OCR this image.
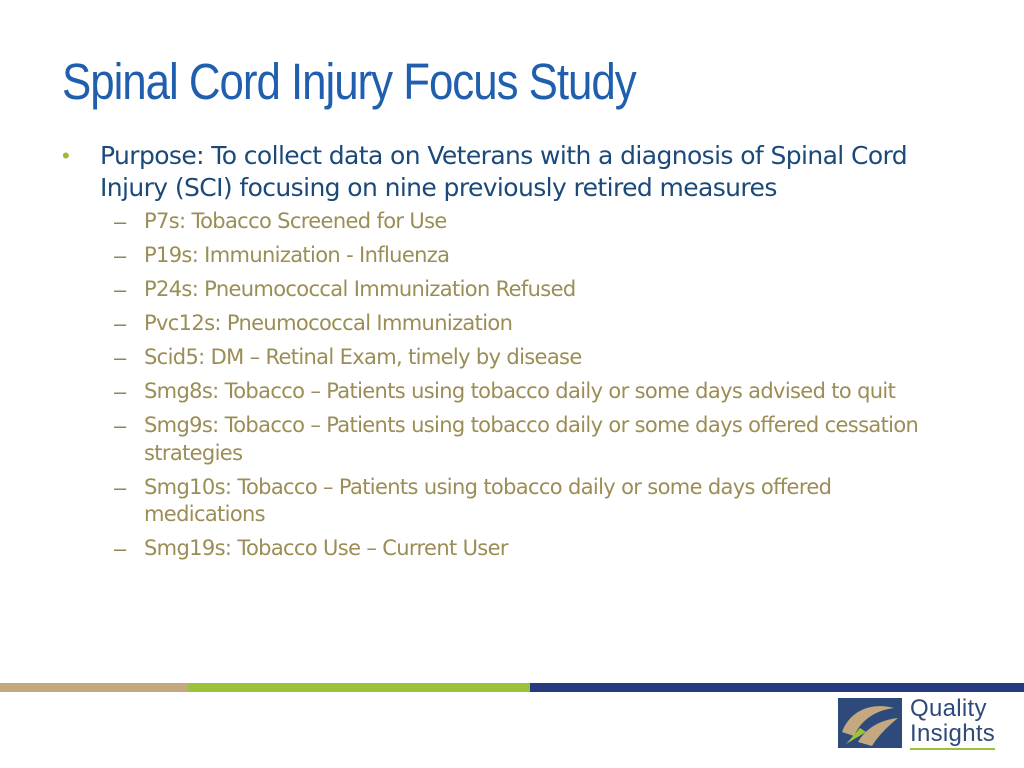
Spinal Cord Injury Focus Study
• Purpose: To collect data on Veterans with a diagnosis of Spinal Cord Injury (SCI) focusing on nine previously retired measures
– P7s: Tobacco Screened for Use
– P19s: Immunization - Influenza
– P24s: Pneumococcal Immunization Refused
– Pvc12s: Pneumococcal Immunization
– Scid5: DM – Retinal Exam, timely by disease
– Smg8s: Tobacco – Patients using tobacco daily or some days advised to quit
– Smg9s: Tobacco – Patients using tobacco daily or some days offered cessation strategies
– Smg10s: Tobacco – Patients using tobacco daily or some days offered medications
– Smg19s: Tobacco Use – Current User
Quality
Insights
